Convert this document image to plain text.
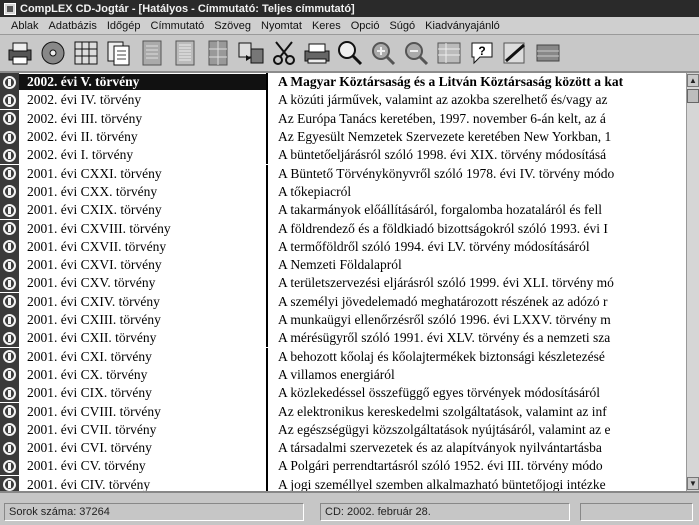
CompLEX CD-Jogtár - [Hatályos - Címmutató: Teljes címmutató]
Ablak Adatbázis Időgép Címmutató Szöveg Nyomtat Keres Opció Súgó Kiadványajánló
?
2002. évi V. törvény	A Magyar Köztársaság és a Litván Köztársaság között a kat
2002. évi IV. törvény	A közúti járművek, valamint az azokba szerelhető és/vagy az
2002. évi III. törvény	Az Európa Tanács keretében, 1997. november 6-án kelt, az á
2002. évi II. törvény	Az Egyesült Nemzetek Szervezete keretében New Yorkban, 1
2002. évi I. törvény	A büntetőeljárásról szóló 1998. évi XIX. törvény módosításá
2001. évi CXXI. törvény	A Büntető Törvénykönyvről szóló 1978. évi IV. törvény módo
2001. évi CXX. törvény	A tőkepiacról
2001. évi CXIX. törvény	A takarmányok előállításáról, forgalomba hozataláról és fell
2001. évi CXVIII. törvény	A földrendező és a földkiadó bizottságokról szóló 1993. évi I
2001. évi CXVII. törvény	A termőföldről szóló 1994. évi LV. törvény módosításáról
2001. évi CXVI. törvény	A Nemzeti Földalapról
2001. évi CXV. törvény	A területszervezési eljárásról szóló 1999. évi XLI. törvény mó
2001. évi CXIV. törvény	A személyi jövedelemadó meghatározott részének az adózó r
2001. évi CXIII. törvény	A munkaügyi ellenőrzésről szóló 1996. évi LXXV. törvény m
2001. évi CXII. törvény	A mérésügyről szóló 1991. évi XLV. törvény és a nemzeti sza
2001. évi CXI. törvény	A behozott kőolaj és kőolajtermékek biztonsági készletezésé
2001. évi CX. törvény	A villamos energiáról
2001. évi CIX. törvény	A közlekedéssel összefüggő egyes törvények módosításáról
2001. évi CVIII. törvény	Az elektronikus kereskedelmi szolgáltatások, valamint az inf
2001. évi CVII. törvény	Az egészségügyi közszolgáltatások nyújtásáról, valamint az e
2001. évi CVI. törvény	A társadalmi szervezetek és az alapítványok nyilvántartásba
2001. évi CV. törvény	A Polgári perrendtartásról szóló 1952. évi III. törvény módo
2001. évi CIV. törvény	A jogi személlyel szemben alkalmazható büntetőjogi intézke
▲
▼
Sorok száma: 37264	CD: 2002. február 28.
